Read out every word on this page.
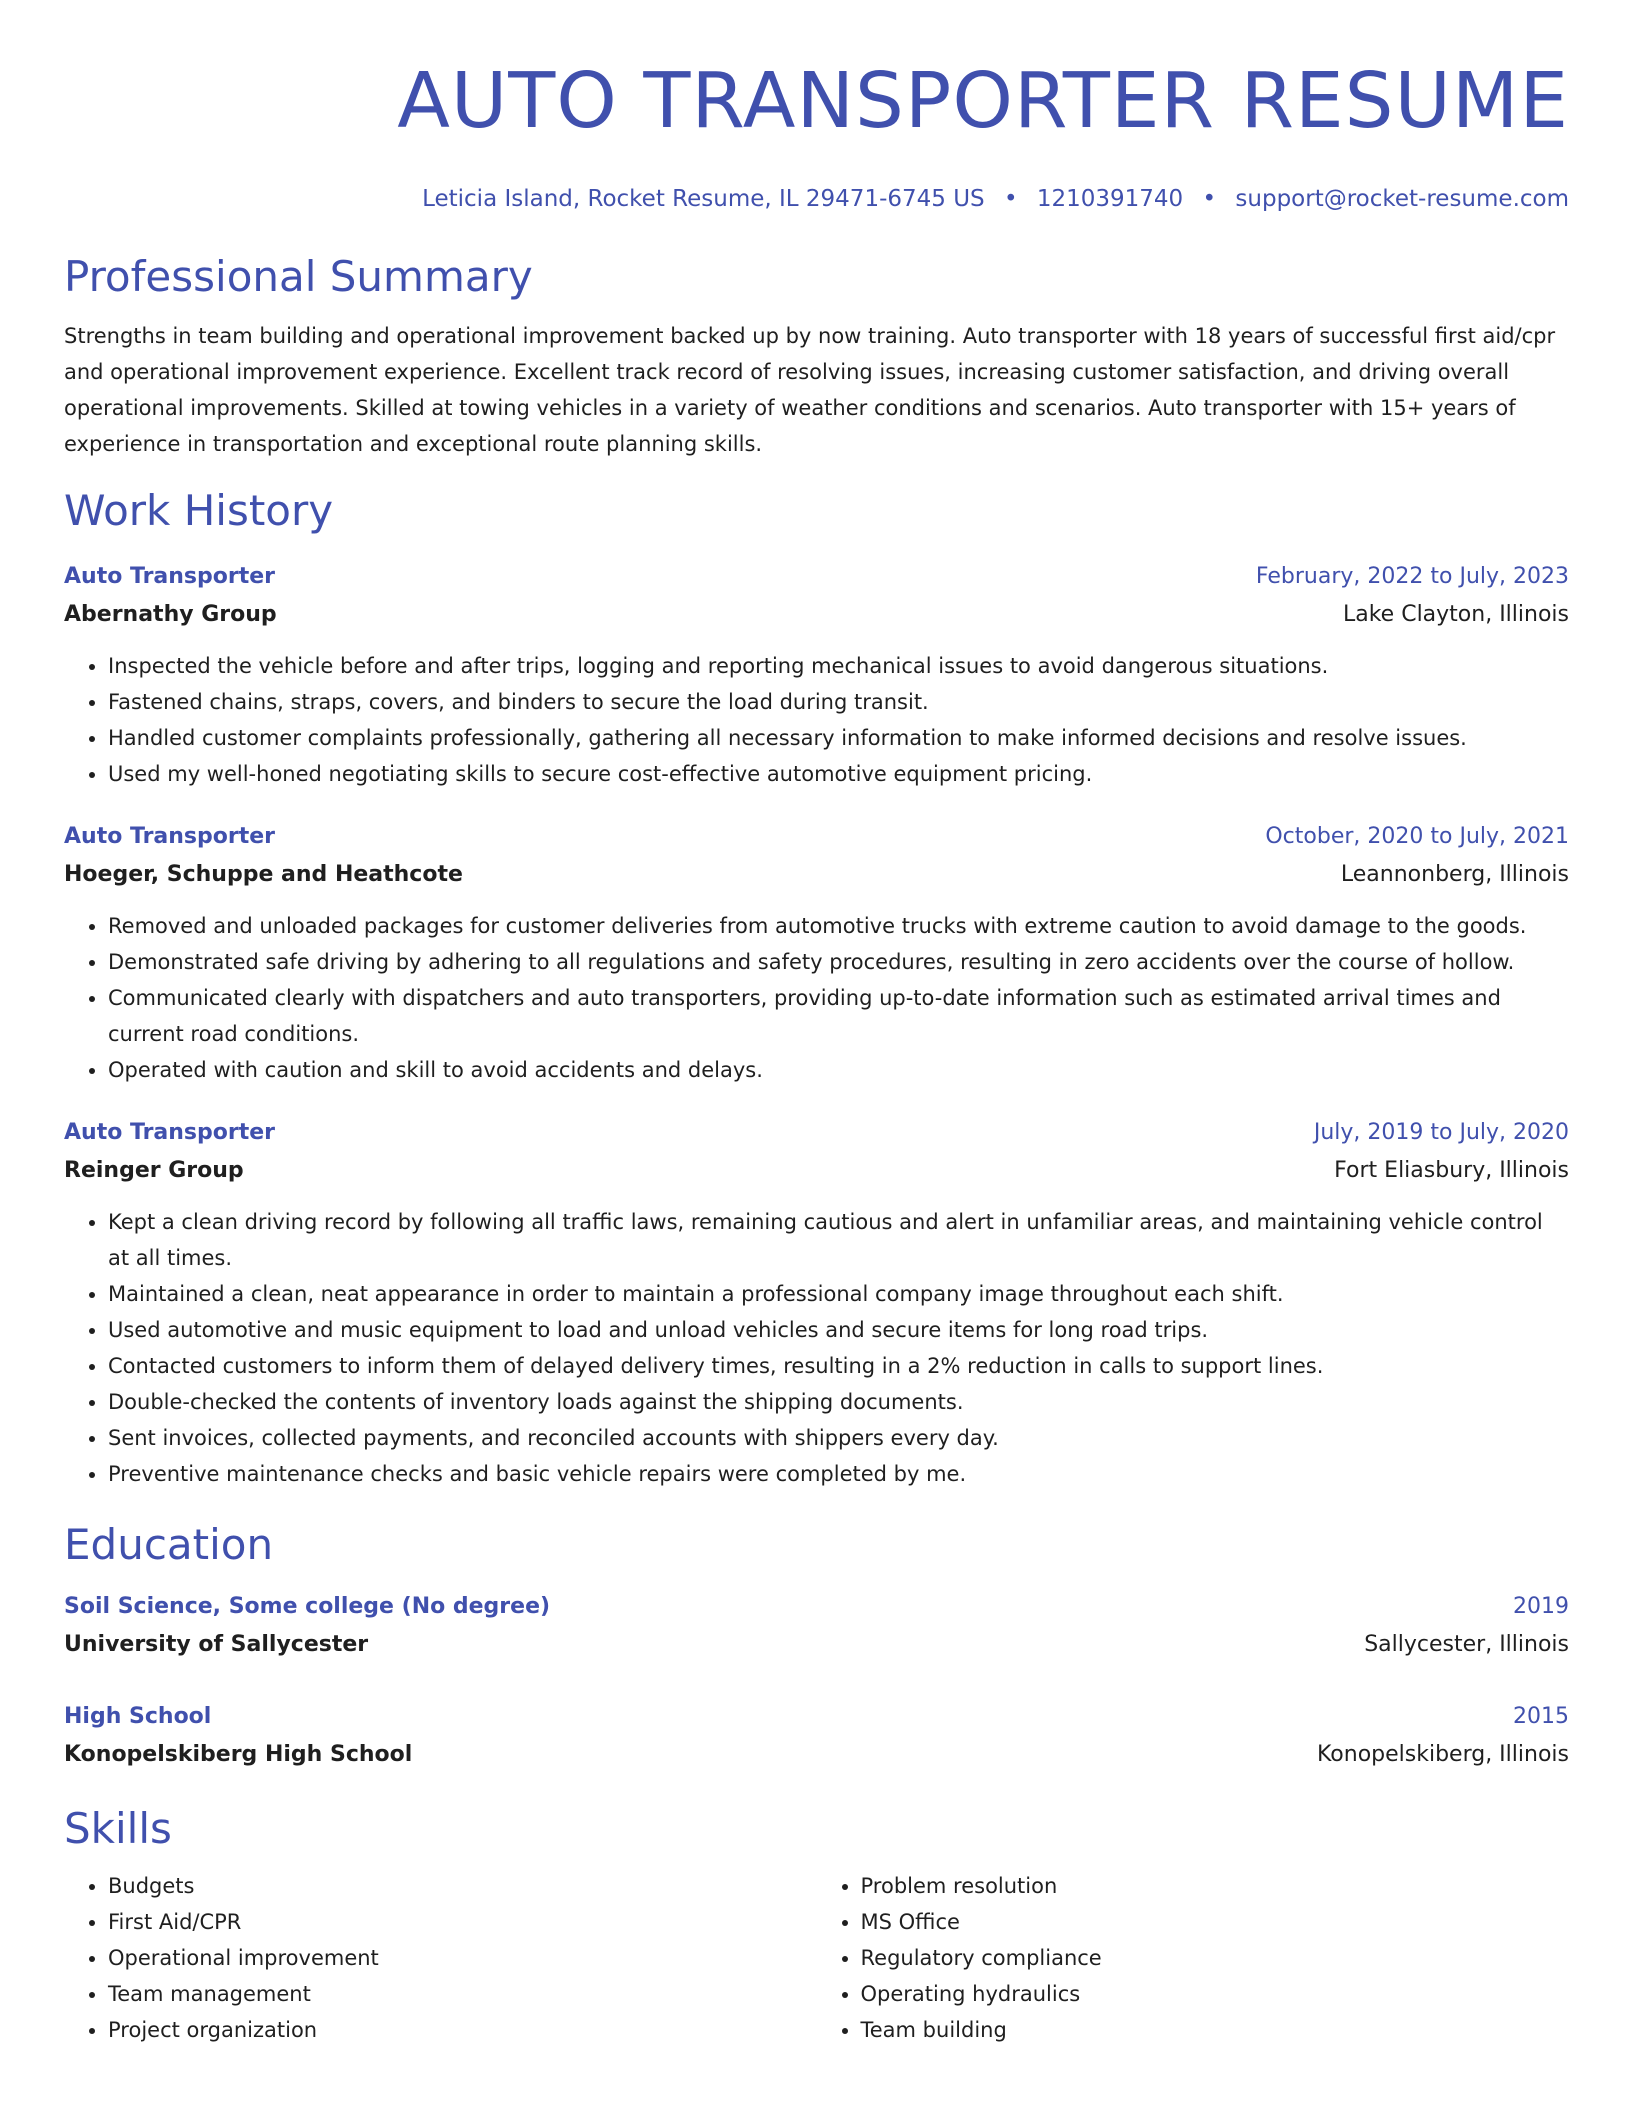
AUTO TRANSPORTER RESUME
Leticia Island, Rocket Resume, IL 29471-6745 US • 1210391740 • support@rocket-resume.com
Professional Summary
Strengths in team building and operational improvement backed up by now training. Auto transporter with 18 years of successful first aid/cpr and operational improvement experience. Excellent track record of resolving issues, increasing customer satisfaction, and driving overall operational improvements. Skilled at towing vehicles in a variety of weather conditions and scenarios. Auto transporter with 15+ years of experience in transportation and exceptional route planning skills.
Work History
Auto Transporter	February, 2022 to July, 2023
Abernathy Group	Lake Clayton, Illinois
• Inspected the vehicle before and after trips, logging and reporting mechanical issues to avoid dangerous situations.
• Fastened chains, straps, covers, and binders to secure the load during transit.
• Handled customer complaints professionally, gathering all necessary information to make informed decisions and resolve issues.
• Used my well-honed negotiating skills to secure cost-effective automotive equipment pricing.
Auto Transporter	October, 2020 to July, 2021
Hoeger, Schuppe and Heathcote	Leannonberg, Illinois
• Removed and unloaded packages for customer deliveries from automotive trucks with extreme caution to avoid damage to the goods.
• Demonstrated safe driving by adhering to all regulations and safety procedures, resulting in zero accidents over the course of hollow.
• Communicated clearly with dispatchers and auto transporters, providing up-to-date information such as estimated arrival times and current road conditions.
• Operated with caution and skill to avoid accidents and delays.
Auto Transporter	July, 2019 to July, 2020
Reinger Group	Fort Eliasbury, Illinois
• Kept a clean driving record by following all traffic laws, remaining cautious and alert in unfamiliar areas, and maintaining vehicle control at all times.
• Maintained a clean, neat appearance in order to maintain a professional company image throughout each shift.
• Used automotive and music equipment to load and unload vehicles and secure items for long road trips.
• Contacted customers to inform them of delayed delivery times, resulting in a 2% reduction in calls to support lines.
• Double-checked the contents of inventory loads against the shipping documents.
• Sent invoices, collected payments, and reconciled accounts with shippers every day.
• Preventive maintenance checks and basic vehicle repairs were completed by me.
Education
Soil Science, Some college (No degree)	2019
University of Sallycester	Sallycester, Illinois
High School	2015
Konopelskiberg High School	Konopelskiberg, Illinois
Skills
• Budgets
• First Aid/CPR
• Operational improvement
• Team management
• Project organization
• Problem resolution
• MS Office
• Regulatory compliance
• Operating hydraulics
• Team building
